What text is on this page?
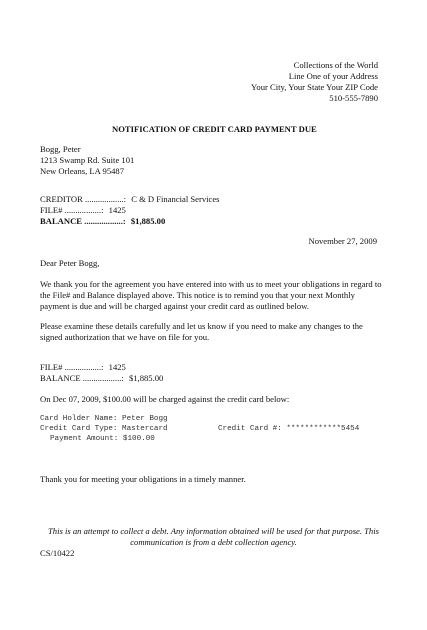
Collections of the World
Line One of your Address
Your City, Your State Your ZIP Code
510-555-7890
NOTIFICATION OF CREDIT CARD PAYMENT DUE
Bogg, Peter
1213 Swamp Rd. Suite 101
New Orleans, LA 95487
CREDITOR ..................: C & D Financial Services
FILE# .................: 1425
BALANCE ..................: $1,885.00
November 27, 2009
Dear Peter Bogg,
We thank you for the agreement you have entered into with us to meet your obligations in regard to the File# and Balance displayed above. This notice is to remind you that your next Monthly payment is due and will be charged against your credit card as outlined below.
Please examine these details carefully and let us know if you need to make any changes to the signed authorization that we have on file for you.
FILE# .................: 1425
BALANCE ..................: $1,885.00
On Dec 07, 2009, $100.00 will be charged against the credit card below:
Card Holder Name: Peter Bogg
Credit Card Type: Mastercard	Credit Card #: ************5454
Payment Amount: $100.00
Thank you for meeting your obligations in a timely manner.
This is an attempt to collect a debt. Any information obtained will be used for that purpose. This
communication is from a debt collection agency.
CS/10422
